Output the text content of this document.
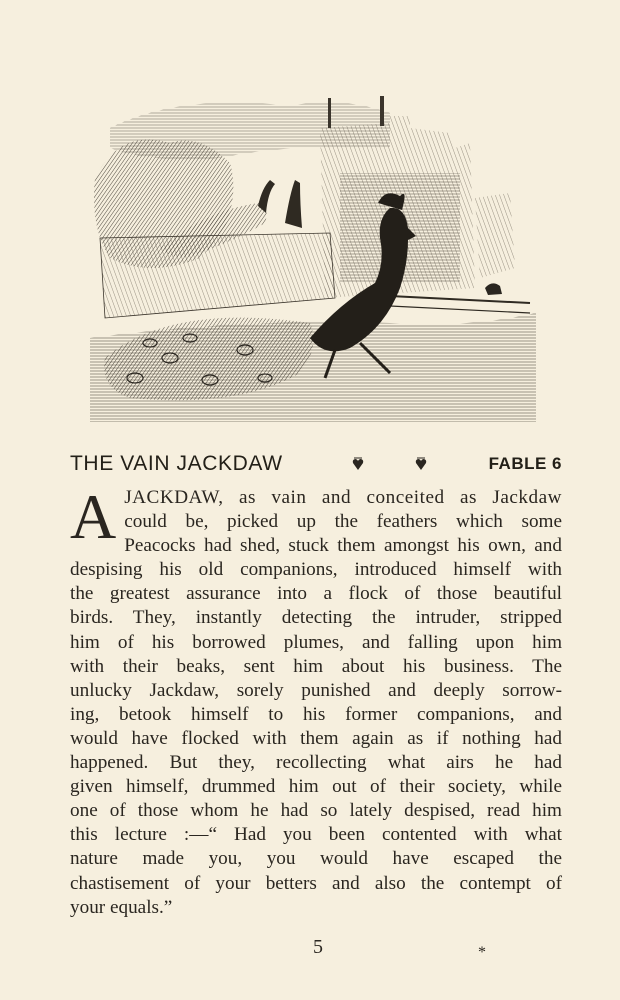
THE VAIN JACKDAW	FABLE 6
A JACKDAW, as vain and conceited as Jackdaw
could be, picked up the feathers which some
Peacocks had shed, stuck them amongst his own, and
despising his old companions, introduced himself with
the greatest assurance into a flock of those beautiful
birds. They, instantly detecting the intruder, stripped
him of his borrowed plumes, and falling upon him
with their beaks, sent him about his business. The
unlucky Jackdaw, sorely punished and deeply sorrow-
ing, betook himself to his former companions, and
would have flocked with them again as if nothing had
happened. But they, recollecting what airs he had
given himself, drummed him out of their society, while
one of those whom he had so lately despised, read him
this lecture :—“ Had you been contented with what
nature made you, you would have escaped the
chastisement of your betters and also the contempt of
your equals.”
5	*
